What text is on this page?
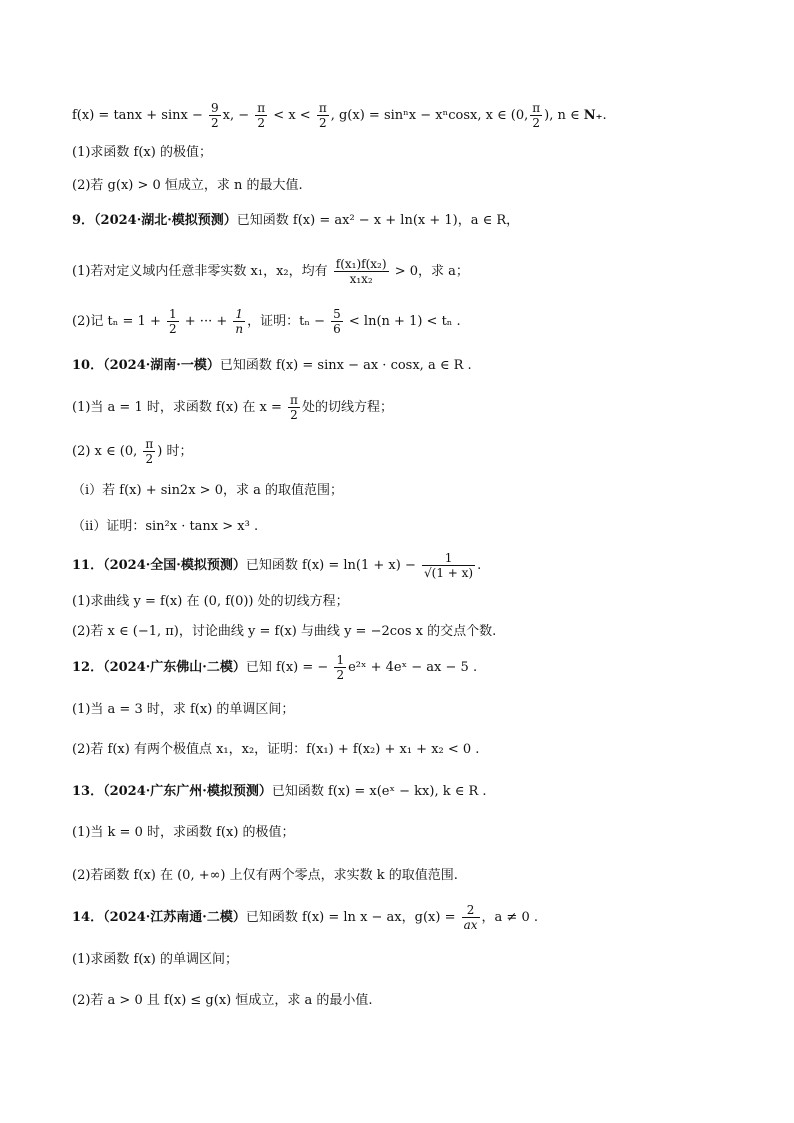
$f(x) = \tan x + \sin x - \frac{9}{2} x$, − $\frac{\pi}{2} < x < \frac{\pi}{2}$ , g(x) = sinⁿx − xⁿcosx, x ∈ (0, $\frac{\pi}{2}$ ), n ∈ N₊.
(1)求函数 f(x) 的极值；
(2)若 g(x) > 0 恒成立，求 n 的最大值.
9．（2024·湖北·模拟预测）已知函数 f(x) = ax² − x + ln(x + 1)，a ∈ R，
(1)若对定义域内任意非零实数 x₁，x₂，均有 $\frac{\text{f(x₁)f(x₂)}}{\text{x₁x₂}} > 0$，求 a；
(2)记 $t_n = 1 + \frac{1}{2}$ + ··· + $\frac{1}{n}$ ，证明：$t_n - \frac{5}{6} < \ln(n + 1) < t_n$ .
10．（2024·湖南·一模）已知函数 f(x) = sinx − ax · cosx, a ∈ R .
(1)当 a = 1 时，求函数 f(x) 在 $x = \frac{\pi}{2}$ 处的切线方程；
(2) x ∈ (0, $\frac{\pi}{2}$ ) 时；
（ⅰ）若 f(x) + sin2x > 0，求 a 的取值范围；
（ⅱ）证明：sin²x · tanx > x³ .
11．（2024·全国·模拟预测）已知函数 $f(x) = \ln(1 + x) - \frac{1}{√(1 + x)}$ .
(1)求曲线 y = f(x) 在 (0, f(0)) 处的切线方程；
(2)若 x ∈ (−1, π)，讨论曲线 y = f(x) 与曲线 y = −2cos x 的交点个数.
12．（2024·广东佛山·二模）已知 f(x) = − $\frac{1}{2}$ e²ˣ + 4eˣ − ax − 5 .
(1)当 a = 3 时，求 f(x) 的单调区间；
(2)若 f(x) 有两个极值点 x₁，x₂，证明：f(x₁) + f(x₂) + x₁ + x₂ < 0 .
13．（2024·广东广州·模拟预测）已知函数 f(x) = x(eˣ − kx), k ∈ R .
(1)当 k = 0 时，求函数 f(x) 的极值；
(2)若函数 f(x) 在 (0, +∞) 上仅有两个零点，求实数 k 的取值范围.
14．（2024·江苏南通·二模）已知函数 f(x) = ln x − ax，$g(x) = \frac{2}{ax}$ ，a ≠ 0 .
(1)求函数 f(x) 的单调区间；
(2)若 a > 0 且 f(x) ≤ g(x) 恒成立，求 a 的最小值.
